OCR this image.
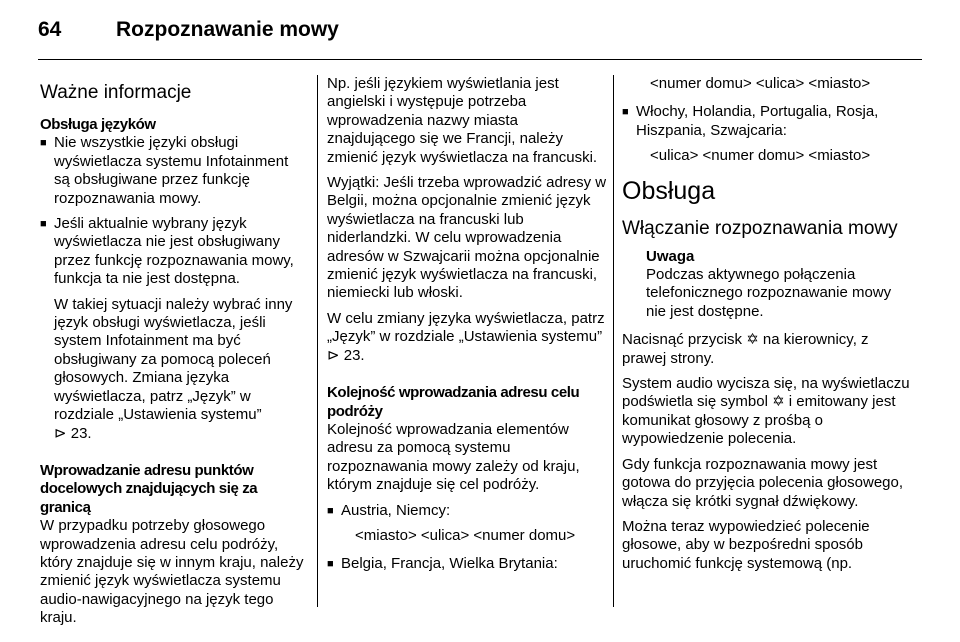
64	Rozpoznawanie mowy
Ważne informacje
Obsługa języków
■ Nie wszystkie języki obsługi wyświetlacza systemu Infotainment są obsługiwane przez funkcję rozpoznawania mowy.
■ Jeśli aktualnie wybrany język wyświetlacza nie jest obsługiwany przez funkcję rozpoznawania mowy, funkcja ta nie jest dostępna.
W takiej sytuacji należy wybrać inny język obsługi wyświetlacza, jeśli system Infotainment ma być obsługiwany za pomocą poleceń głosowych. Zmiana języka wyświetlacza, patrz „Język” w rozdziale „Ustawienia systemu”
⊳ 23.
Wprowadzanie adresu punktów docelowych znajdujących się za granicą

W przypadku potrzeby głosowego wprowadzenia adresu celu podróży, który znajduje się w innym kraju, należy zmienić język wyświetlacza systemu audio-nawigacyjnego na język tego kraju.

Np. jeśli językiem wyświetlania jest angielski i występuje potrzeba wprowadzenia nazwy miasta znajdującego się we Francji, należy zmienić język wyświetlacza na francuski.

Wyjątki: Jeśli trzeba wprowadzić adresy w Belgii, można opcjonalnie zmienić język wyświetlacza na francuski lub niderlandzki. W celu wprowadzenia adresów w Szwajcarii można opcjonalnie zmienić język wyświetlacza na francuski, niemiecki lub włoski.

W celu zmiany języka wyświetlacza, patrz „Język” w rozdziale „Ustawienia systemu” ⊳ 23.

Kolejność wprowadzania adresu celu podróży

Kolejność wprowadzania elementów adresu za pomocą systemu rozpoznawania mowy zależy od kraju, którym znajduje się cel podróży.

■ Austria, Niemcy:
<miasto> <ulica> <numer domu>
■ Belgia, Francja, Wielka Brytania:
<numer domu> <ulica> <miasto>
■ Włochy, Holandia, Portugalia, Rosja, Hiszpania, Szwajcaria:
<ulica> <numer domu> <miasto>
Obsługa
Włączanie rozpoznawania mowy
Uwaga
Podczas aktywnego połączenia telefonicznego rozpoznawanie mowy nie jest dostępne.

Nacisnąć przycisk ✡ na kierownicy, z prawej strony.

System audio wycisza się, na wyświetlaczu podświetla się symbol ✡ i emitowany jest komunikat głosowy z prośbą o wypowiedzenie polecenia.

Gdy funkcja rozpoznawania mowy jest gotowa do przyjęcia polecenia głosowego, włącza się krótki sygnał dźwiękowy.

Można teraz wypowiedzieć polecenie głosowe, aby w bezpośredni sposób uruchomić funkcję systemową (np.
